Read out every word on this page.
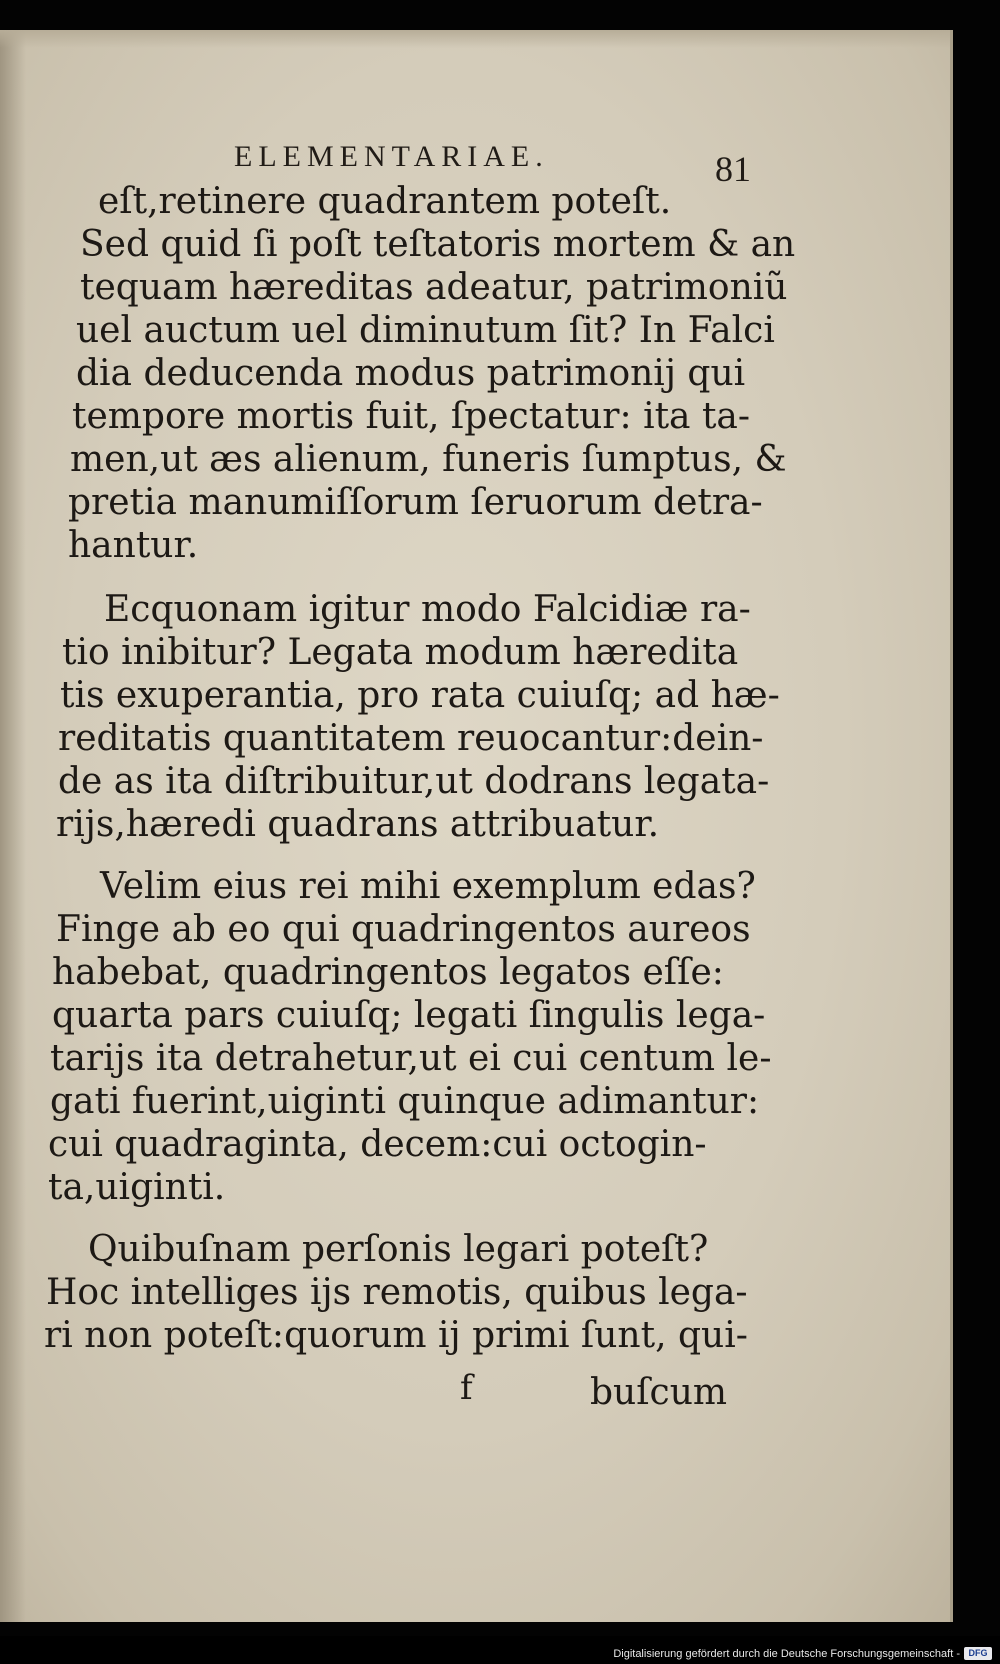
ELEMENTARIAE.	81
eſt,retinere quadrantem poteſt.
Sed quid ſi poſt teſtatoris mortem & an
tequam hæreditas adeatur, patrimoniũ
uel auctum uel diminutum ſit? In Falci
dia deducenda modus patrimonij qui
tempore mortis fuit, ſpectatur: ita ta-
men,ut æs alienum, funeris ſumptus, &
pretia manumiſſorum ſeruorum detra-
hantur.
Ecquonam igitur modo Falcidiæ ra-
tio inibitur? Legata modum hæredita
tis exuperantia, pro rata cuiuſq; ad hæ-
reditatis quantitatem reuocantur:dein-
de as ita diſtribuitur,ut dodrans legata-
rijs,hæredi quadrans attribuatur.
Velim eius rei mihi exemplum edas?
Finge ab eo qui quadringentos aureos
habebat, quadringentos legatos eſſe:
quarta pars cuiuſq; legati ſingulis lega-
tarijs ita detrahetur,ut ei cui centum le-
gati fuerint,uiginti quinque adimantur:
cui quadraginta, decem:cui octogin-
ta,uiginti.
Quibuſnam perſonis legari poteſt?
Hoc intelliges ijs remotis, quibus lega-
ri non poteſt:quorum ij primi ſunt, qui-
f	buſcum
Digitalisierung gefördert durch die Deutsche Forschungsgemeinschaft - DFG
